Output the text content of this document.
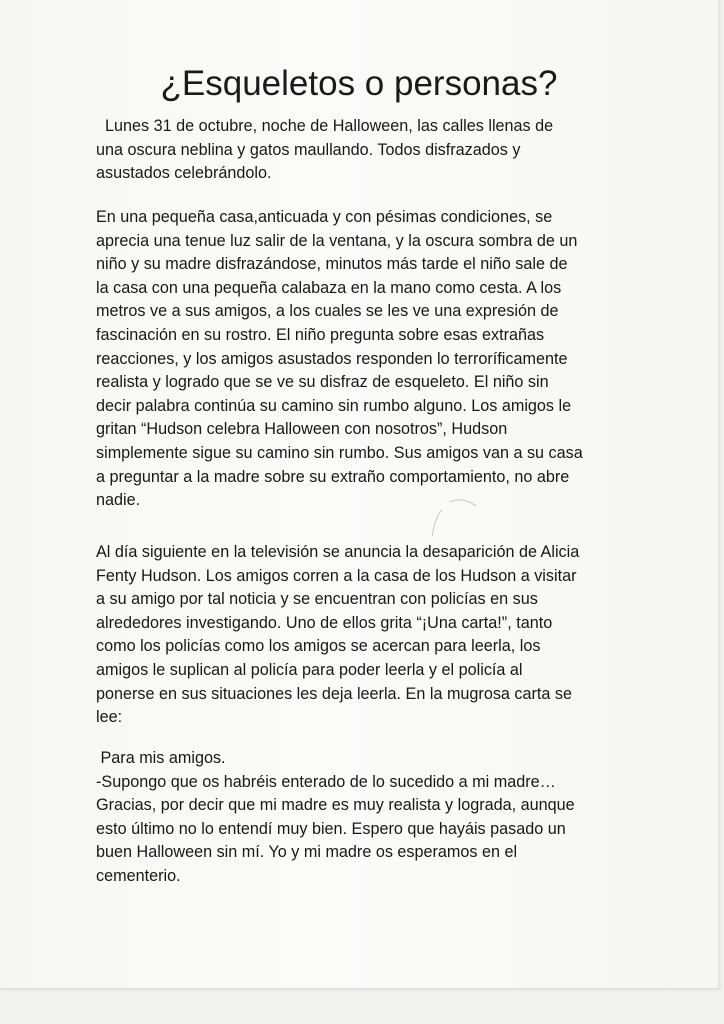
¿Esqueletos o personas?

Lunes 31 de octubre, noche de Halloween, las calles llenas de
una oscura neblina y gatos maullando. Todos disfrazados y
asustados celebrándolo.

En una pequeña casa,anticuada y con pésimas condiciones, se
aprecia una tenue luz salir de la ventana, y la oscura sombra de un
niño y su madre disfrazándose, minutos más tarde el niño sale de
la casa con una pequeña calabaza en la mano como cesta. A los
metros ve a sus amigos, a los cuales se les ve una expresión de
fascinación en su rostro. El niño pregunta sobre esas extrañas
reacciones, y los amigos asustados responden lo terroríficamente
realista y logrado que se ve su disfraz de esqueleto. El niño sin
decir palabra continúa su camino sin rumbo alguno. Los amigos le
gritan “Hudson celebra Halloween con nosotros”, Hudson
simplemente sigue su camino sin rumbo. Sus amigos van a su casa
a preguntar a la madre sobre su extraño comportamiento, no abre
nadie.

Al día siguiente en la televisión se anuncia la desaparición de Alicia
Fenty Hudson. Los amigos corren a la casa de los Hudson a visitar
a su amigo por tal noticia y se encuentran con policías en sus
alrededores investigando. Uno de ellos grita “¡Una carta!”, tanto
como los policías como los amigos se acercan para leerla, los
amigos le suplican al policía para poder leerla y el policía al
ponerse en sus situaciones les deja leerla. En la mugrosa carta se
lee:

Para mis amigos.
-Supongo que os habréis enterado de lo sucedido a mi madre…
Gracias, por decir que mi madre es muy realista y lograda, aunque
esto último no lo entendí muy bien. Espero que hayáis pasado un
buen Halloween sin mí. Yo y mi madre os esperamos en el
cementerio.
